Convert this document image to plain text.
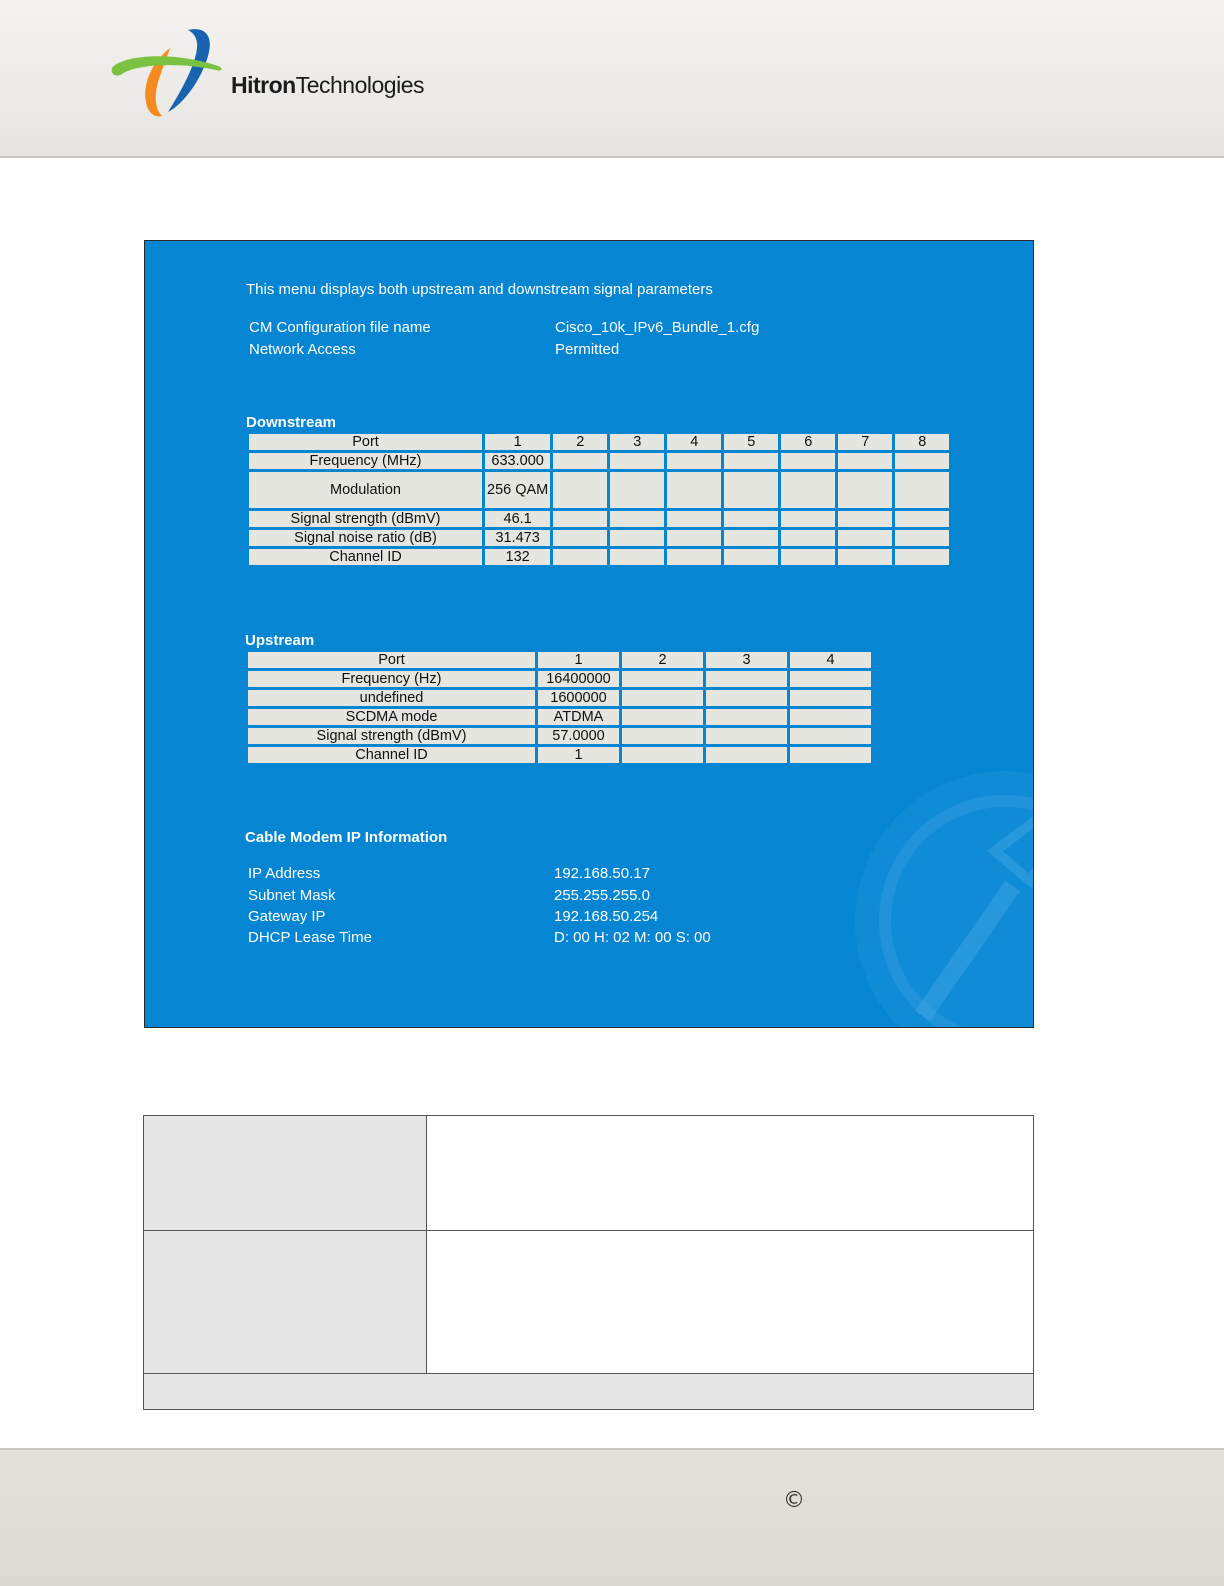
HitronTechnologies
This menu displays both upstream and downstream signal parameters
CM Configuration file name	Cisco_10k_IPv6_Bundle_1.cfg
Network Access	Permitted
Downstream
Port	1	2	3	4	5	6	7	8
Frequency (MHz)	633.000							
Modulation	256 QAM							
Signal strength (dBmV)	46.1							
Signal noise ratio (dB)	31.473							
Channel ID	132							
Upstream
Port	1	2	3	4
Frequency (Hz)	16400000			
undefined	1600000			
SCDMA mode	ATDMA			
Signal strength (dBmV)	57.0000			
Channel ID	1			
Cable Modem IP Information
IP Address	192.168.50.17
Subnet Mask	255.255.255.0
Gateway IP	192.168.50.254
DHCP Lease Time	D: 00 H: 02 M: 00 S: 00
©
